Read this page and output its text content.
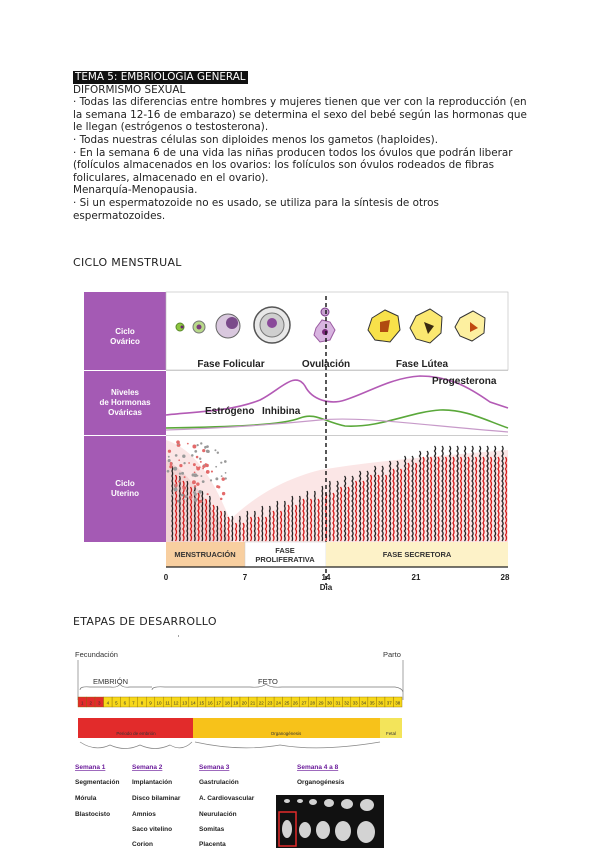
TEMA 5: EMBRIOLOGIA GENERAL

DIFORMISMO SEXUAL

· Todas las diferencias entre hombres y mujeres tienen que ver con la reproducción (en la semana 12-16 de embarazo) se determina el sexo del bebé según las hormonas que le llegan (estrógenos o testosterona).

· Todas nuestras células son diploides menos los gametos (haploides).

· En la semana 6 de una vida las niñas producen todos los óvulos que podrán liberar (folículos almacenados en los ovarios: los folículos son óvulos rodeados de fibras foliculares, almacenado en el ovario).

Menarquía-Menopausia.

· Si un espermatozoide no es usado, se utiliza para la síntesis de otros espermatozoides.

CICLO MENSTRUAL
ETAPAS DE DESARROLLO
Ciclo
Ovárico
Niveles
de Hormonas
Ováricas
Ciclo
Uterino
Fase Folicular	Ovulación	Fase Lútea
Estrógeno Inhibina
Progesterona
MENSTRUACIÓN	FASE
PROLIFERATIVA
FASE SECRETORA
0	7	14	21	28
Día
Fecundación	Parto
EMBRIÓN	FETO
1 2 3 4 5 6 7 8 9 10 11 12 13 14 15 16 17 18 19 20 21 22 23 24 25 26 27 28 29 30 31 32 33 34 35 36 37 38
Periodo de embrión	Organogénesis	Fetal
Semana 1
Segmentación
Mórula
Blastocisto
Semana 2
Implantación
Disco bilaminar
Amnios
Saco vitelino
Corion
Semana 3
Gastrulación
A. Cardiovascular
Neurulación
Somitas
Placenta
Semana 4 a 8
Organogénesis
